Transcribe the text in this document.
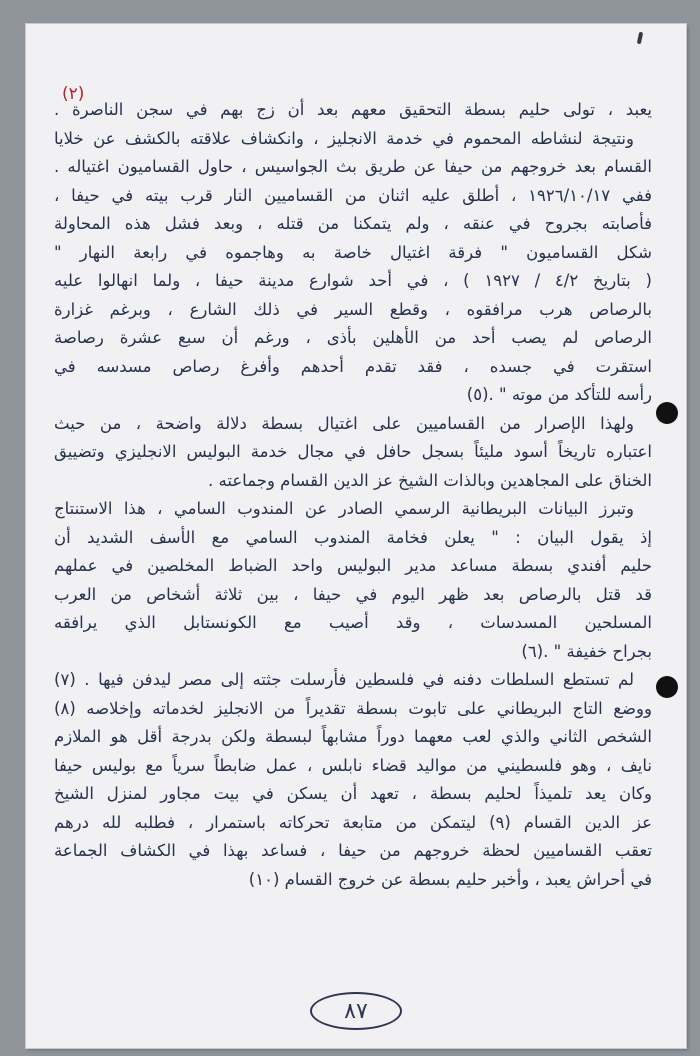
(٢)
يعبد ، تولى حليم بسطة التحقيق معهم بعد أن زج بهم في سجن الناصرة .
ونتيجة لنشاطه المحموم في خدمة الانجليز ، وانكشاف علاقته بالكشف عن خلايا
القسام بعد خروجهم من حيفا عن طريق بث الجواسيس ، حاول القساميون اغتياله .
ففي ١٩٢٦/١٠/١٧ ، أطلق عليه اثنان من القساميين النار قرب بيته في حيفا ،
فأصابته بجروح في عنقه ، ولم يتمكنا من قتله ، وبعد فشل هذه المحاولة
شكل القساميون " فرقة اغتيال خاصة به وهاجموه في رابعة النهار "
( بتاريخ ٤/٢ / ١٩٢٧ ) ، في أحد شوارع مدينة حيفا ، ولما انهالوا عليه
بالرصاص هرب مرافقوه ، وقطع السير في ذلك الشارع ، وبرغم غزارة
الرصاص لم يصب أحد من الأهلين بأذى ، ورغم أن سبع عشرة رصاصة
استقرت في جسده ، فقد تقدم أحدهم وأفرغ رصاص مسدسه في
رأسه للتأكد من موته " .(٥)
ولهذا الإصرار من القساميين على اغتيال بسطة دلالة واضحة ، من حيث
اعتباره تاريخاً أسود مليئاً بسجل حافل في مجال خدمة البوليس الانجليزي وتضييق
الخناق على المجاهدين وبالذات الشيخ عز الدين القسام وجماعته .
وتبرز البيانات البريطانية الرسمي الصادر عن المندوب السامي ، هذا الاستنتاج
إذ يقول البيان : " يعلن فخامة المندوب السامي مع الأسف الشديد أن
حليم أفندي بسطة مساعد مدير البوليس واحد الضباط المخلصين في عملهم
قد قتل بالرصاص بعد ظهر اليوم في حيفا ، بين ثلاثة أشخاص من العرب
المسلحين المسدسات ، وقد أصيب مع الكونستابل الذي يرافقه
بجراح خفيفة " .(٦)
لم تستطع السلطات دفنه في فلسطين فأرسلت جثته إلى مصر ليدفن فيها . (٧)
ووضع التاج البريطاني على تابوت بسطة تقديراً من الانجليز لخدماته وإخلاصه (٨)
الشخص الثاني والذي لعب معهما دوراً مشابهاً لبسطة ولكن بدرجة أقل هو الملازم
نايف ، وهو فلسطيني من مواليد قضاء نابلس ، عمل ضابطاً سرياً مع بوليس حيفا
وكان يعد تلميذاً لحليم بسطة ، تعهد أن يسكن في بيت مجاور لمنزل الشيخ
عز الدين القسام (٩) ليتمكن من متابعة تحركاته باستمرار ، فطلبه لله درهم
تعقب القساميين لحظة خروجهم من حيفا ، فساعد بهذا في الكشاف الجماعة
في أحراش يعبد ، وأخبر حليم بسطة عن خروج القسام (١٠)
٨٧
